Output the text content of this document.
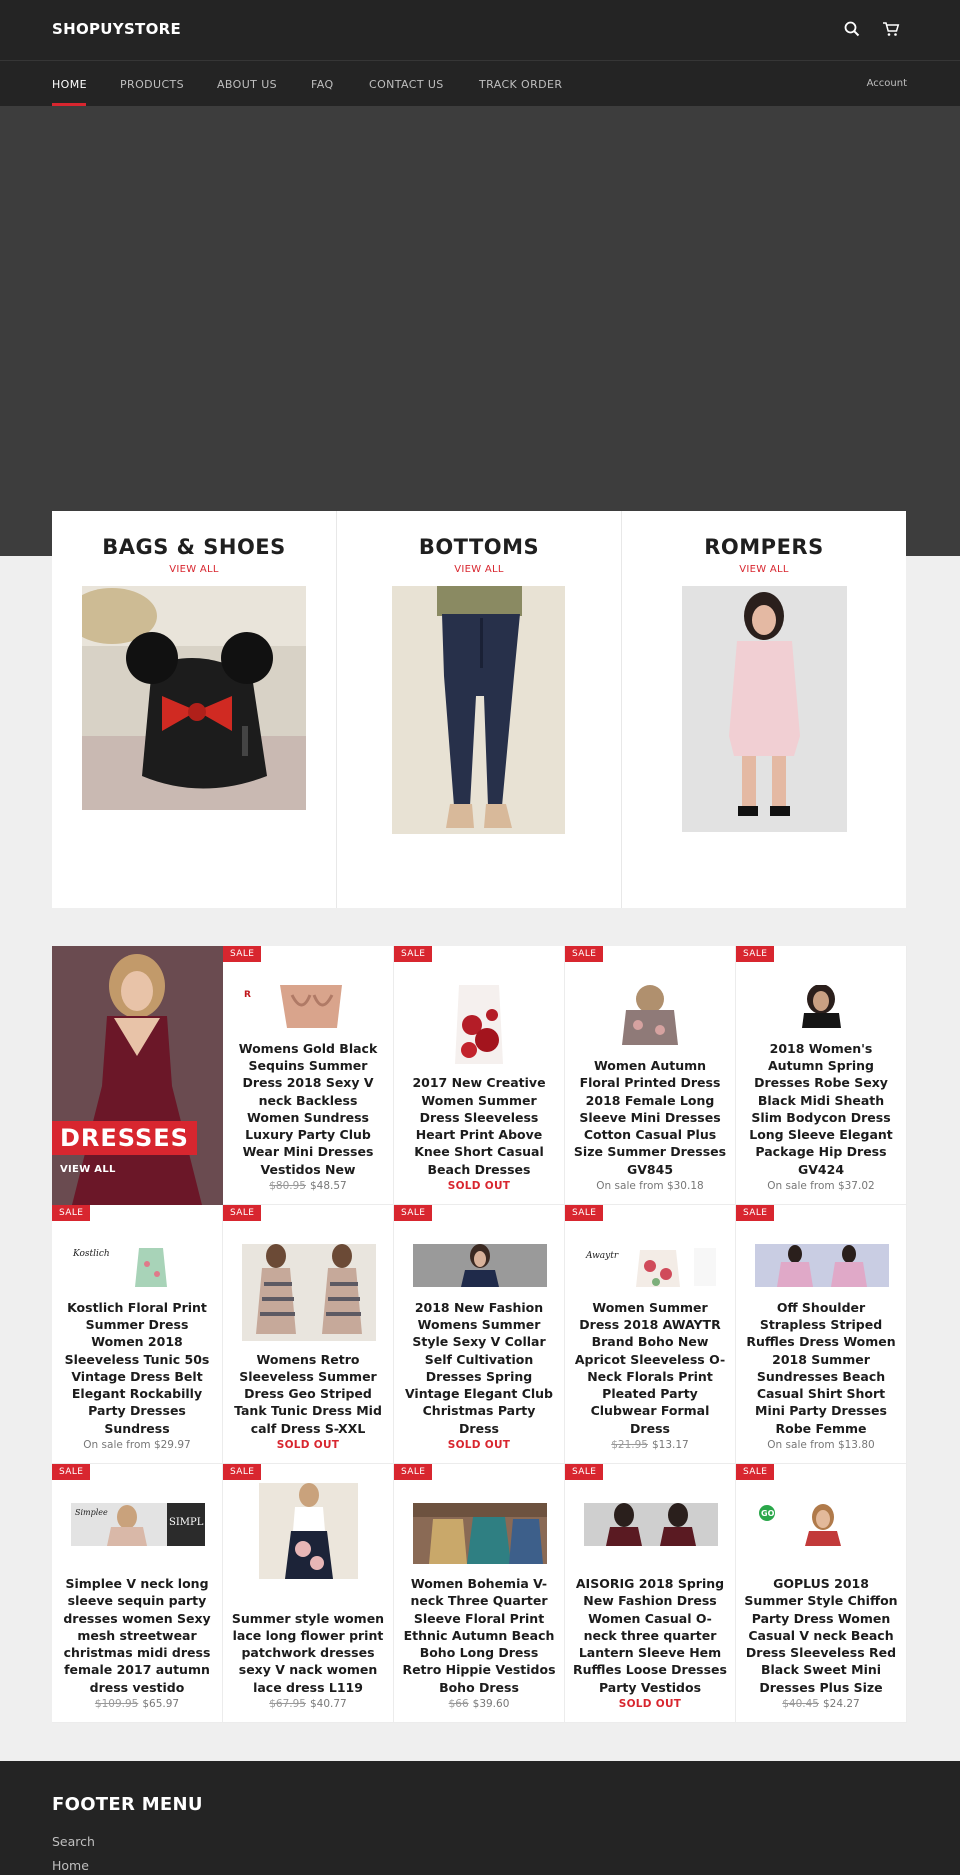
SHOPUYSTORE
HOME	PRODUCTS	ABOUT US	FAQ	CONTACT US	TRACK ORDER	Account
BAGS & SHOES
VIEW ALL
BOTTOMS
VIEW ALL
ROMPERS
VIEW ALL
DRESSES
VIEW ALL
SALE
R
Womens Gold Black Sequins Summer Dress 2018 Sexy V neck Backless Women Sundress Luxury Party Club Wear Mini Dresses Vestidos New
$80.95 $48.57
SALE
2017 New Creative Women Summer Dress Sleeveless Heart Print Above Knee Short Casual Beach Dresses
SOLD OUT
SALE
Women Autumn Floral Printed Dress 2018 Female Long Sleeve Mini Dresses Cotton Casual Plus Size Summer Dresses GV845
On sale from $30.18
SALE
2018 Women's Autumn Spring Dresses Robe Sexy Black Midi Sheath Slim Bodycon Dress Long Sleeve Elegant Package Hip Dress GV424
On sale from $37.02
SALE
Kostlich
Kostlich Floral Print Summer Dress Women 2018 Sleeveless Tunic 50s Vintage Dress Belt Elegant Rockabilly Party Dresses Sundress
On sale from $29.97
SALE
Womens Retro Sleeveless Summer Dress Geo Striped Tank Tunic Dress Mid calf Dress S-XXL
SOLD OUT
SALE
2018 New Fashion Womens Summer Style Sexy V Collar Self Cultivation Dresses Spring Vintage Elegant Club Christmas Party Dress
SOLD OUT
SALE
Awaytr
Women Summer Dress 2018 AWAYTR Brand Boho New Apricot Sleeveless O-Neck Florals Print Pleated Party Clubwear Formal Dress
$21.95 $13.17
SALE
Off Shoulder Strapless Striped Ruffles Dress Women 2018 Summer Sundresses Beach Casual Shirt Short Mini Party Dresses Robe Femme
On sale from $13.80
SALE
Simplee
SIMPL
Simplee V neck long sleeve sequin party dresses women Sexy mesh streetwear christmas midi dress female 2017 autumn dress vestido
$109.95 $65.97
SALE
Summer style women lace long flower print patchwork dresses sexy V nack women lace dress L119
$67.95 $40.77
SALE
Women Bohemia V-neck Three Quarter Sleeve Floral Print Ethnic Autumn Beach Boho Long Dress Retro Hippie Vestidos Boho Dress
$66 $39.60
SALE
AISORIG 2018 Spring New Fashion Dress Women Casual O-neck three quarter Lantern Sleeve Hem Ruffles Loose Dresses Party Vestidos
SOLD OUT
SALE
GO
GOPLUS 2018 Summer Style Chiffon Party Dress Women Casual V neck Beach Dress Sleeveless Red Black Sweet Mini Dresses Plus Size
$40.45 $24.27
FOOTER MENU
Search
Home
